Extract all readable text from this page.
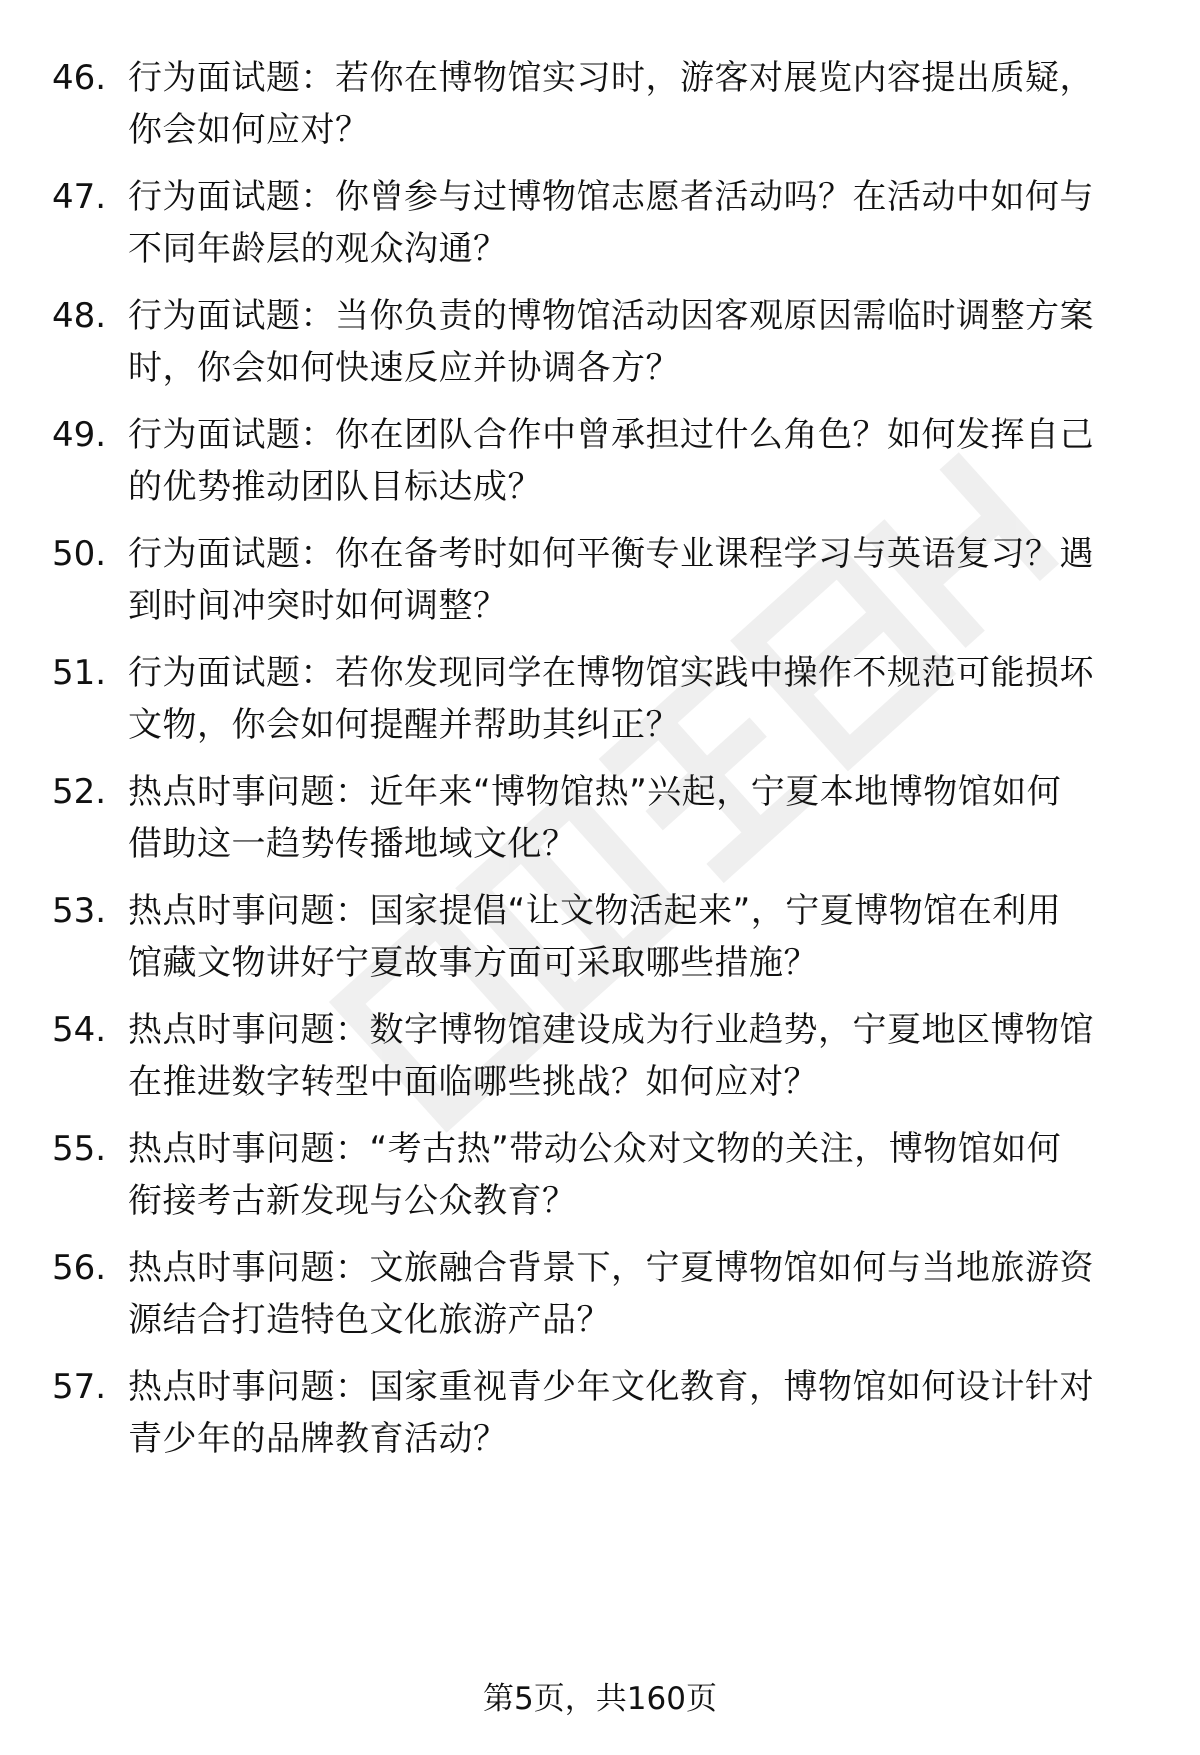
46. 行为面试题：若你在博物馆实习时，游客对展览内容提出质疑，
你会如何应对？
47. 行为面试题：你曾参与过博物馆志愿者活动吗？在活动中如何与
不同年龄层的观众沟通？
48. 行为面试题：当你负责的博物馆活动因客观原因需临时调整方案
时，你会如何快速反应并协调各方？
49. 行为面试题：你在团队合作中曾承担过什么角色？如何发挥自己
的优势推动团队目标达成？
50. 行为面试题：你在备考时如何平衡专业课程学习与英语复习？遇
到时间冲突时如何调整？
51. 行为面试题：若你发现同学在博物馆实践中操作不规范可能损坏
文物，你会如何提醒并帮助其纠正？
52. 热点时事问题：近年来“博物馆热”兴起，宁夏本地博物馆如何
借助这一趋势传播地域文化？
53. 热点时事问题：国家提倡“让文物活起来”，宁夏博物馆在利用
馆藏文物讲好宁夏故事方面可采取哪些措施？
54. 热点时事问题：数字博物馆建设成为行业趋势，宁夏地区博物馆
在推进数字转型中面临哪些挑战？如何应对？
55. 热点时事问题：“考古热”带动公众对文物的关注，博物馆如何
衔接考古新发现与公众教育？
56. 热点时事问题：文旅融合背景下，宁夏博物馆如何与当地旅游资
源结合打造特色文化旅游产品？
57. 热点时事问题：国家重视青少年文化教育，博物馆如何设计针对
青少年的品牌教育活动？
第5页，共160页
